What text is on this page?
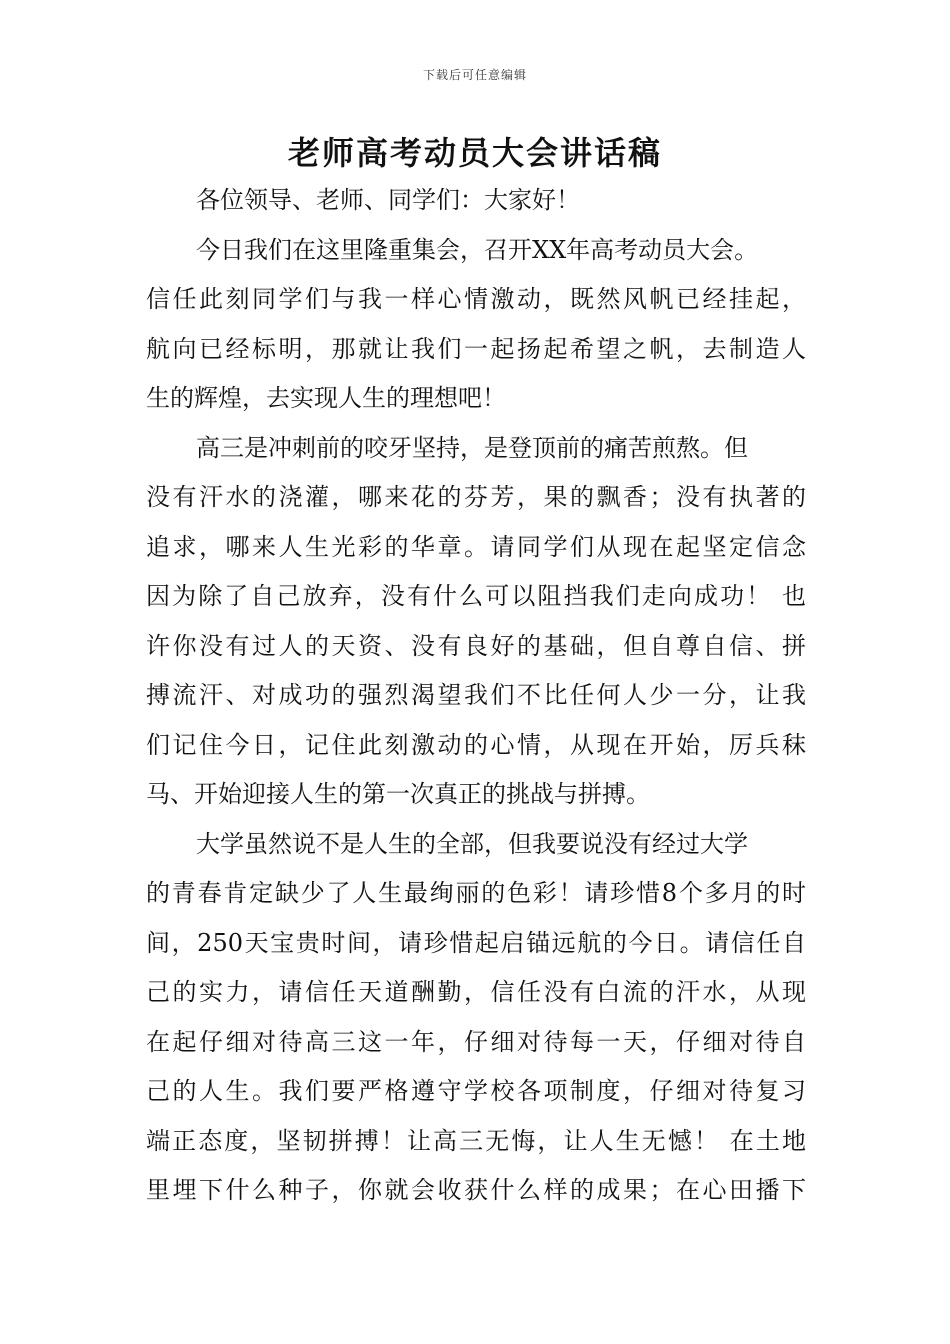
下载后可任意编辑
老师高考动员大会讲话稿
各位领导、老师、同学们：大家好！
今日我们在这里隆重集会，召开XX年高考动员大会。
信任此刻同学们与我一样心情激动，既然风帆已经挂起，
航向已经标明，那就让我们一起扬起希望之帆，去制造人
生的辉煌，去实现人生的理想吧！
高三是冲刺前的咬牙坚持，是登顶前的痛苦煎熬。但
没有汗水的浇灌，哪来花的芬芳，果的飘香；没有执著的
追求，哪来人生光彩的华章。请同学们从现在起坚定信念
因为除了自己放弃，没有什么可以阻挡我们走向成功！ 也
许你没有过人的天资、没有良好的基础，但自尊自信、拼
搏流汗、对成功的强烈渴望我们不比任何人少一分，让我
们记住今日，记住此刻激动的心情，从现在开始，厉兵秣
马、开始迎接人生的第一次真正的挑战与拼搏。
大学虽然说不是人生的全部，但我要说没有经过大学
的青春肯定缺少了人生最绚丽的色彩！请珍惜8个多月的时
间，250天宝贵时间，请珍惜起启锚远航的今日。请信任自
己的实力，请信任天道酬勤，信任没有白流的汗水，从现
在起仔细对待高三这一年，仔细对待每一天，仔细对待自
己的人生。我们要严格遵守学校各项制度，仔细对待复习
端正态度，坚韧拼搏！让高三无悔，让人生无憾！ 在土地
里埋下什么种子，你就会收获什么样的成果；在心田播下
